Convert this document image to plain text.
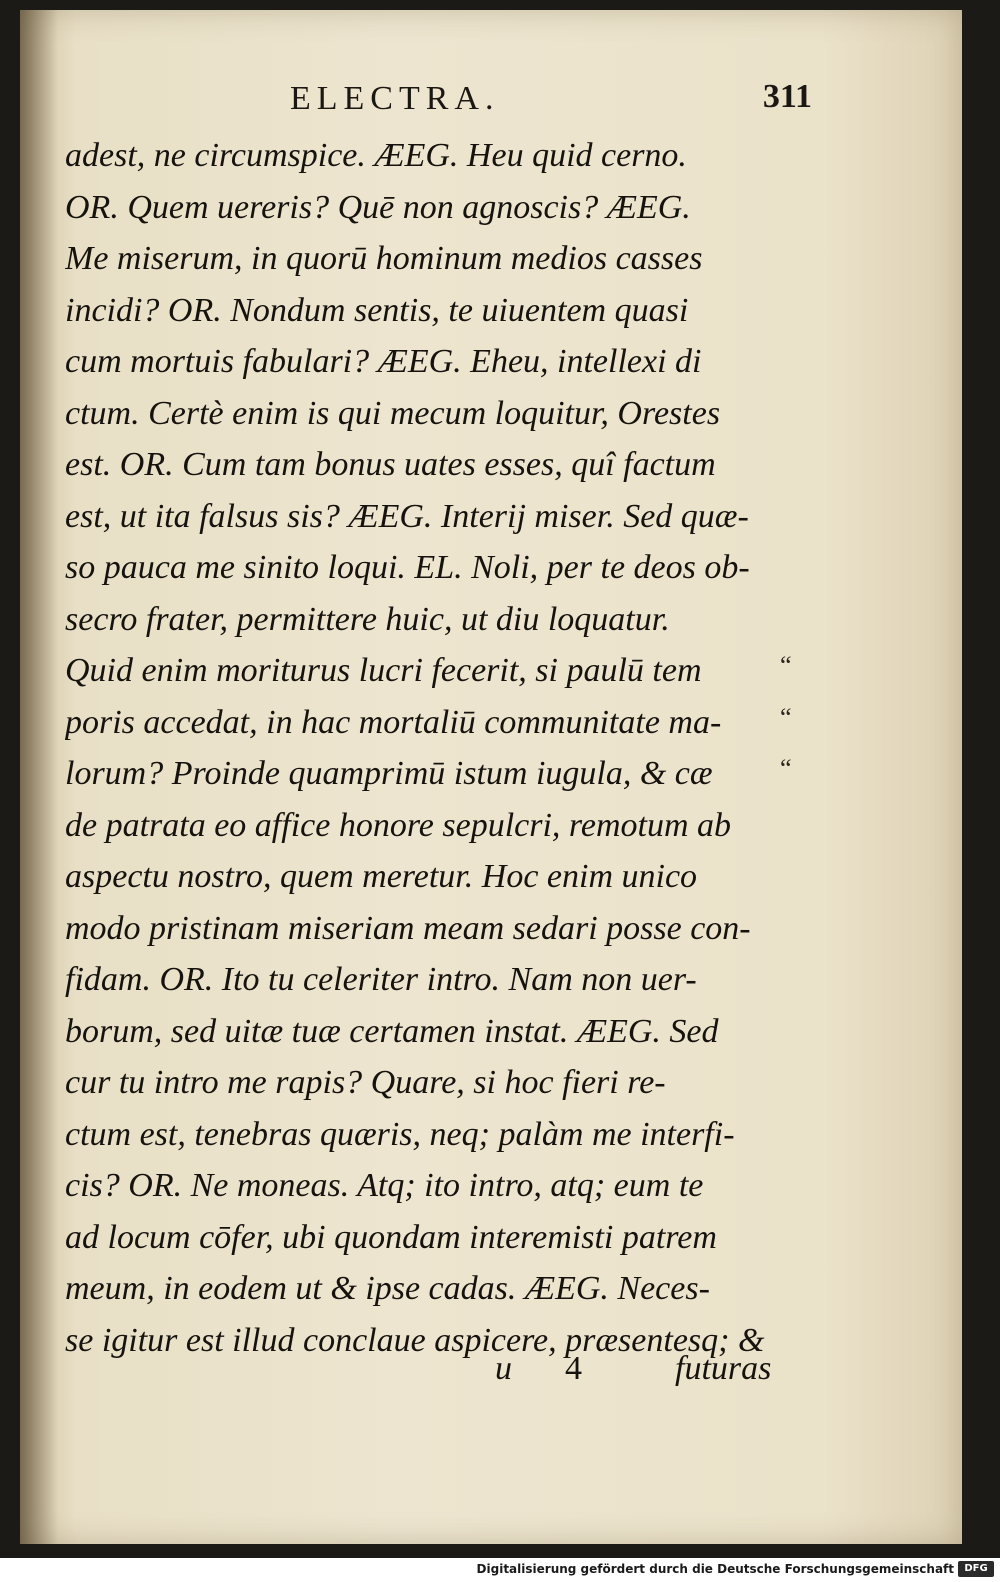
ELECTRA.	311
adest, ne circumspice. ÆEG. Heu quid cerno.
OR. Quem uereris? Quē non agnoscis? ÆEG.
Me miserum, in quorū hominum medios casses
incidi? OR. Nondum sentis, te uiuentem quasi
cum mortuis fabulari? ÆEG. Eheu, intellexi di
ctum. Certè enim is qui mecum loquitur, Orestes
est. OR. Cum tam bonus uates esses, quî factum
est, ut ita falsus sis? ÆEG. Interij miser. Sed quæ-
so pauca me sinito loqui. EL. Noli, per te deos ob-
secro frater, permittere huic, ut diu loquatur.
Quid enim moriturus lucri fecerit, si paulū tem
poris accedat, in hac mortaliū communitate ma-
lorum? Proinde quamprimū istum iugula, & cæ
de patrata eo affice honore sepulcri, remotum ab
aspectu nostro, quem meretur. Hoc enim unico
modo pristinam miseriam meam sedari posse con-
fidam. OR. Ito tu celeriter intro. Nam non uer-
borum, sed uitæ tuæ certamen instat. ÆEG. Sed
cur tu intro me rapis? Quare, si hoc fieri re-
ctum est, tenebras quæris, neq; palàm me interfi-
cis? OR. Ne moneas. Atq; ito intro, atq; eum te
ad locum cōfer, ubi quondam interemisti patrem
meum, in eodem ut & ipse cadas. ÆEG. Neces-
se igitur est illud conclaue aspicere, præsentesq; &
“
“
“
u 4	futuras
Digitalisierung gefördert durch die Deutsche Forschungsgemeinschaft	DFG
